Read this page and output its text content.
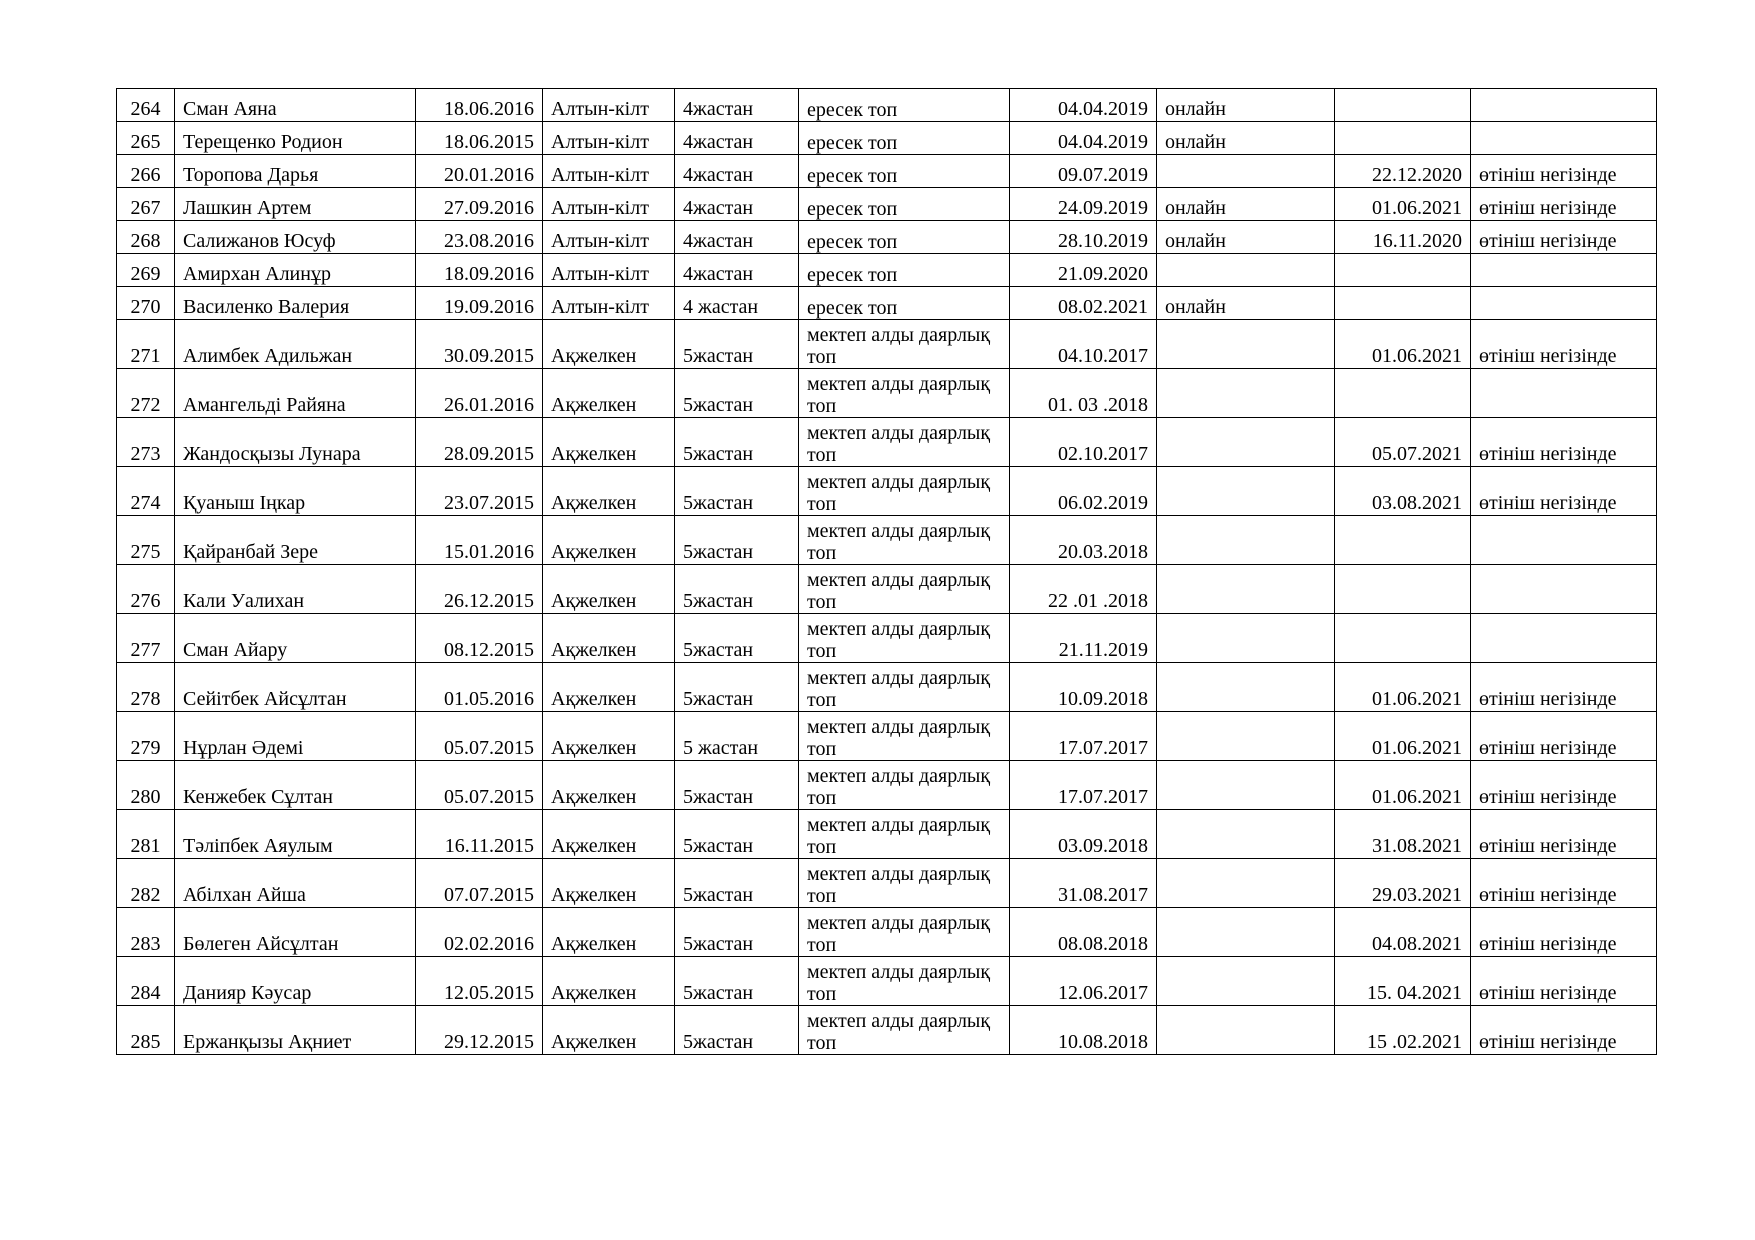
264	Сман Аяна	18.06.2016	Алтын-кілт	4жастан	ересек топ	04.04.2019	онлайн		
265	Терещенко Родион	18.06.2015	Алтын-кілт	4жастан	ересек топ	04.04.2019	онлайн		
266	Торопова Дарья	20.01.2016	Алтын-кілт	4жастан	ересек топ	09.07.2019		22.12.2020	өтініш негізінде
267	Лашкин Артем	27.09.2016	Алтын-кілт	4жастан	ересек топ	24.09.2019	онлайн	01.06.2021	өтініш негізінде
268	Салижанов Юсуф	23.08.2016	Алтын-кілт	4жастан	ересек топ	28.10.2019	онлайн	16.11.2020	өтініш негізінде
269	Амирхан Алинұр	18.09.2016	Алтын-кілт	4жастан	ересек топ	21.09.2020			
270	Василенко Валерия	19.09.2016	Алтын-кілт	4 жастан	ересек топ	08.02.2021	онлайн		
271	Алимбек Адильжан	30.09.2015	Ақжелкен	5жастан	мектеп алды даярлық топ	04.10.2017		01.06.2021	өтініш негізінде
272	Амангельді Райяна	26.01.2016	Ақжелкен	5жастан	мектеп алды даярлық топ	01. 03 .2018			
273	Жандосқызы Лунара	28.09.2015	Ақжелкен	5жастан	мектеп алды даярлық топ	02.10.2017		05.07.2021	өтініш негізінде
274	Қуаныш Іңкар	23.07.2015	Ақжелкен	5жастан	мектеп алды даярлық топ	06.02.2019		03.08.2021	өтініш негізінде
275	Қайранбай Зере	15.01.2016	Ақжелкен	5жастан	мектеп алды даярлық топ	20.03.2018			
276	Кали Уалихан	26.12.2015	Ақжелкен	5жастан	мектеп алды даярлық топ	22 .01 .2018			
277	Сман Айару	08.12.2015	Ақжелкен	5жастан	мектеп алды даярлық топ	21.11.2019			
278	Сейітбек Айсұлтан	01.05.2016	Ақжелкен	5жастан	мектеп алды даярлық топ	10.09.2018		01.06.2021	өтініш негізінде
279	Нұрлан Әдемі	05.07.2015	Ақжелкен	5 жастан	мектеп алды даярлық топ	17.07.2017		01.06.2021	өтініш негізінде
280	Кенжебек Сұлтан	05.07.2015	Ақжелкен	5жастан	мектеп алды даярлық топ	17.07.2017		01.06.2021	өтініш негізінде
281	Тәліпбек Аяулым	16.11.2015	Ақжелкен	5жастан	мектеп алды даярлық топ	03.09.2018		31.08.2021	өтініш негізінде
282	Абілхан Айша	07.07.2015	Ақжелкен	5жастан	мектеп алды даярлық топ	31.08.2017		29.03.2021	өтініш негізінде
283	Бөлеген Айсұлтан	02.02.2016	Ақжелкен	5жастан	мектеп алды даярлық топ	08.08.2018		04.08.2021	өтініш негізінде
284	Данияр Кәусар	12.05.2015	Ақжелкен	5жастан	мектеп алды даярлық топ	12.06.2017		15. 04.2021	өтініш негізінде
285	Ержанқызы Ақниет	29.12.2015	Ақжелкен	5жастан	мектеп алды даярлық топ	10.08.2018		15 .02.2021	өтініш негізінде
